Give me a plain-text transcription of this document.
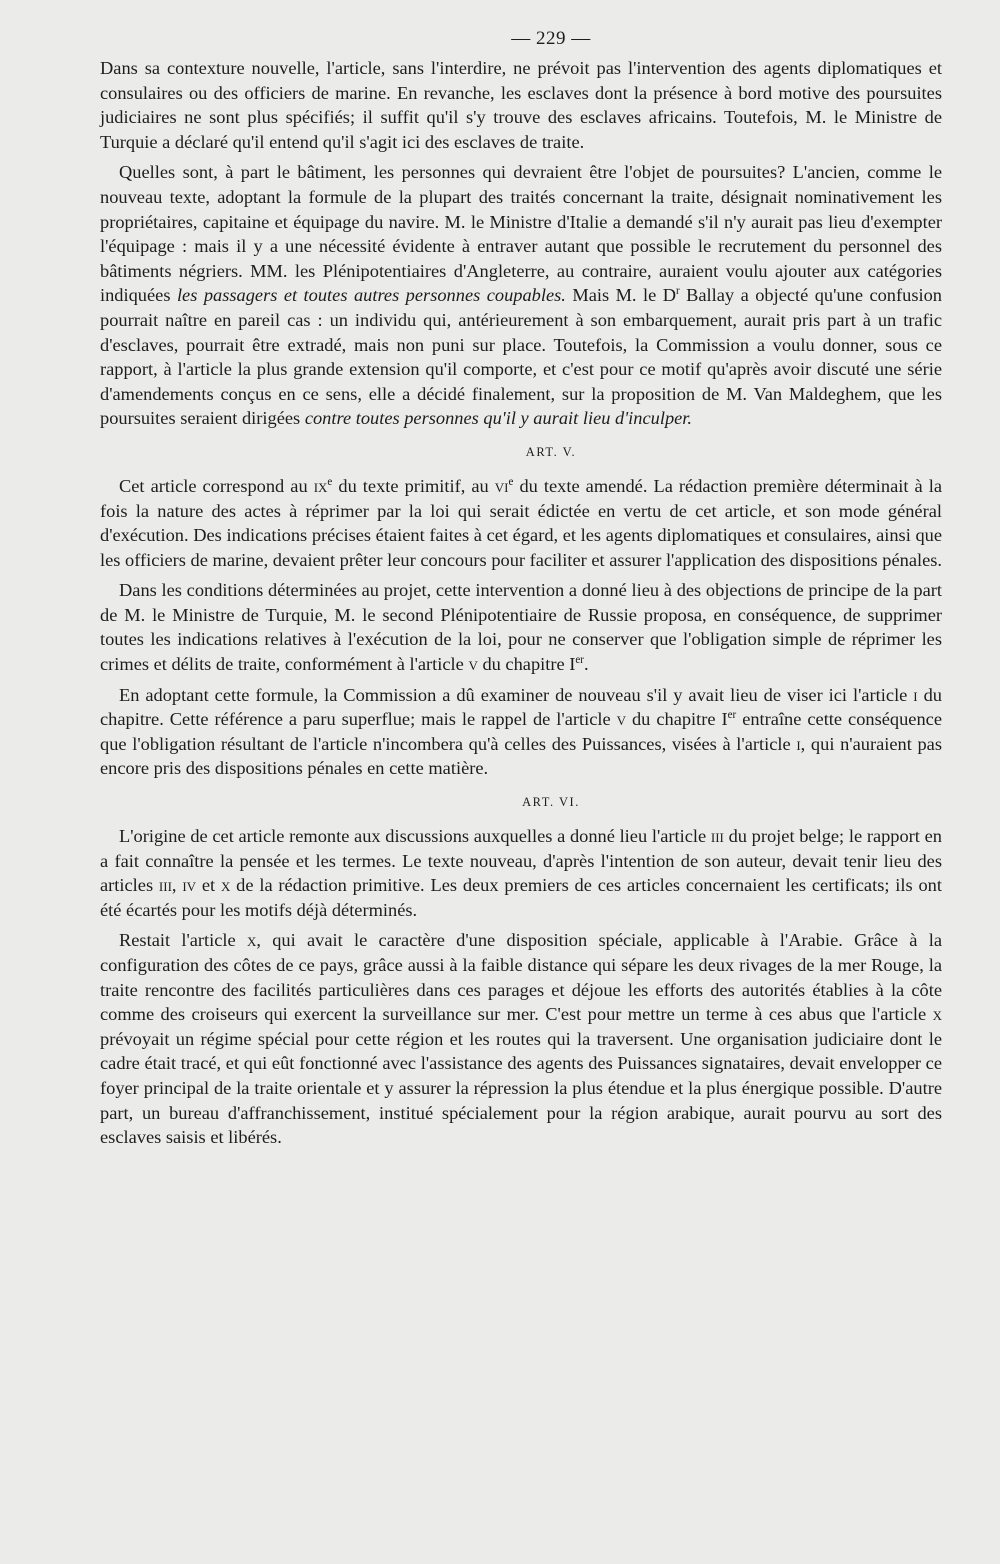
— 229 —

Dans sa contexture nouvelle, l'article, sans l'interdire, ne prévoit pas l'intervention des agents diplomatiques et consulaires ou des officiers de marine. En revanche, les esclaves dont la présence à bord motive des poursuites judiciaires ne sont plus spécifiés; il suffit qu'il s'y trouve des esclaves africains. Toutefois, M. le Ministre de Turquie a déclaré qu'il entend qu'il s'agit ici des esclaves de traite.

Quelles sont, à part le bâtiment, les personnes qui devraient être l'objet de poursuites? L'ancien, comme le nouveau texte, adoptant la formule de la plupart des traités concernant la traite, désignait nominativement les propriétaires, capitaine et équipage du navire. M. le Ministre d'Italie a demandé s'il n'y aurait pas lieu d'exempter l'équipage : mais il y a une nécessité évidente à entraver autant que possible le recrutement du personnel des bâtiments négriers. MM. les Plénipotentiaires d'Angleterre, au contraire, auraient voulu ajouter aux catégories indiquées les passagers et toutes autres personnes coupables. Mais M. le $D^r$ Ballay a objecté qu'une confusion pourrait naître en pareil cas : un individu qui, antérieurement à son embarquement, aurait pris part à un trafic d'esclaves, pourrait être extradé, mais non puni sur place. Toutefois, la Commission a voulu donner, sous ce rapport, à l'article la plus grande extension qu'il comporte, et c'est pour ce motif qu'après avoir discuté une série d'amendements conçus en ce sens, elle a décidé finalement, sur la proposition de M. Van Maldeghem, que les poursuites seraient dirigées contre toutes personnes qu'il y aurait lieu d'inculper.

ART. V.

Cet article correspond au $ix^e$ du texte primitif, au $vi^e$ du texte amendé. La rédaction première déterminait à la fois la nature des actes à réprimer par la loi qui serait édictée en vertu de cet article, et son mode général d'exécution. Des indications précises étaient faites à cet égard, et les agents diplomatiques et consulaires, ainsi que les officiers de marine, devaient prêter leur concours pour faciliter et assurer l'application des dispositions pénales.

Dans les conditions déterminées au projet, cette intervention a donné lieu à des objections de principe de la part de M. le Ministre de Turquie, M. le second Plénipotentiaire de Russie proposa, en conséquence, de supprimer toutes les indications relatives à l'exécution de la loi, pour ne conserver que l'obligation simple de réprimer les crimes et délits de traite, conformément à l'article v du chapitre Ier.

En adoptant cette formule, la Commission a dû examiner de nouveau s'il y avait lieu de viser ici l'article i du chapitre. Cette référence a paru superflue; mais le rappel de l'article v du chapitre Ier entraîne cette conséquence que l'obligation résultant de l'article n'incombera qu'à celles des Puissances, visées à l'article i, qui n'auraient pas encore pris des dispositions pénales en cette matière.

ART. VI.

L'origine de cet article remonte aux discussions auxquelles a donné lieu l'article iii du projet belge; le rapport en a fait connaître la pensée et les termes. Le texte nouveau, d'après l'intention de son auteur, devait tenir lieu des articles iii, iv et x de la rédaction primitive. Les deux premiers de ces articles concernaient les certificats; ils ont été écartés pour les motifs déjà déterminés.

Restait l'article x, qui avait le caractère d'une disposition spéciale, applicable à l'Arabie. Grâce à la configuration des côtes de ce pays, grâce aussi à la faible distance qui sépare les deux rivages de la mer Rouge, la traite rencontre des facilités particulières dans ces parages et déjoue les efforts des autorités établies à la côte comme des croiseurs qui exercent la surveillance sur mer. C'est pour mettre un terme à ces abus que l'article x prévoyait un régime spécial pour cette région et les routes qui la traversent. Une organisation judiciaire dont le cadre était tracé, et qui eût fonctionné avec l'assistance des agents des Puissances signataires, devait envelopper ce foyer principal de la traite orientale et y assurer la répression la plus étendue et la plus énergique possible. D'autre part, un bureau d'affranchissement, institué spécialement pour la région arabique, aurait pourvu au sort des esclaves saisis et libérés.
